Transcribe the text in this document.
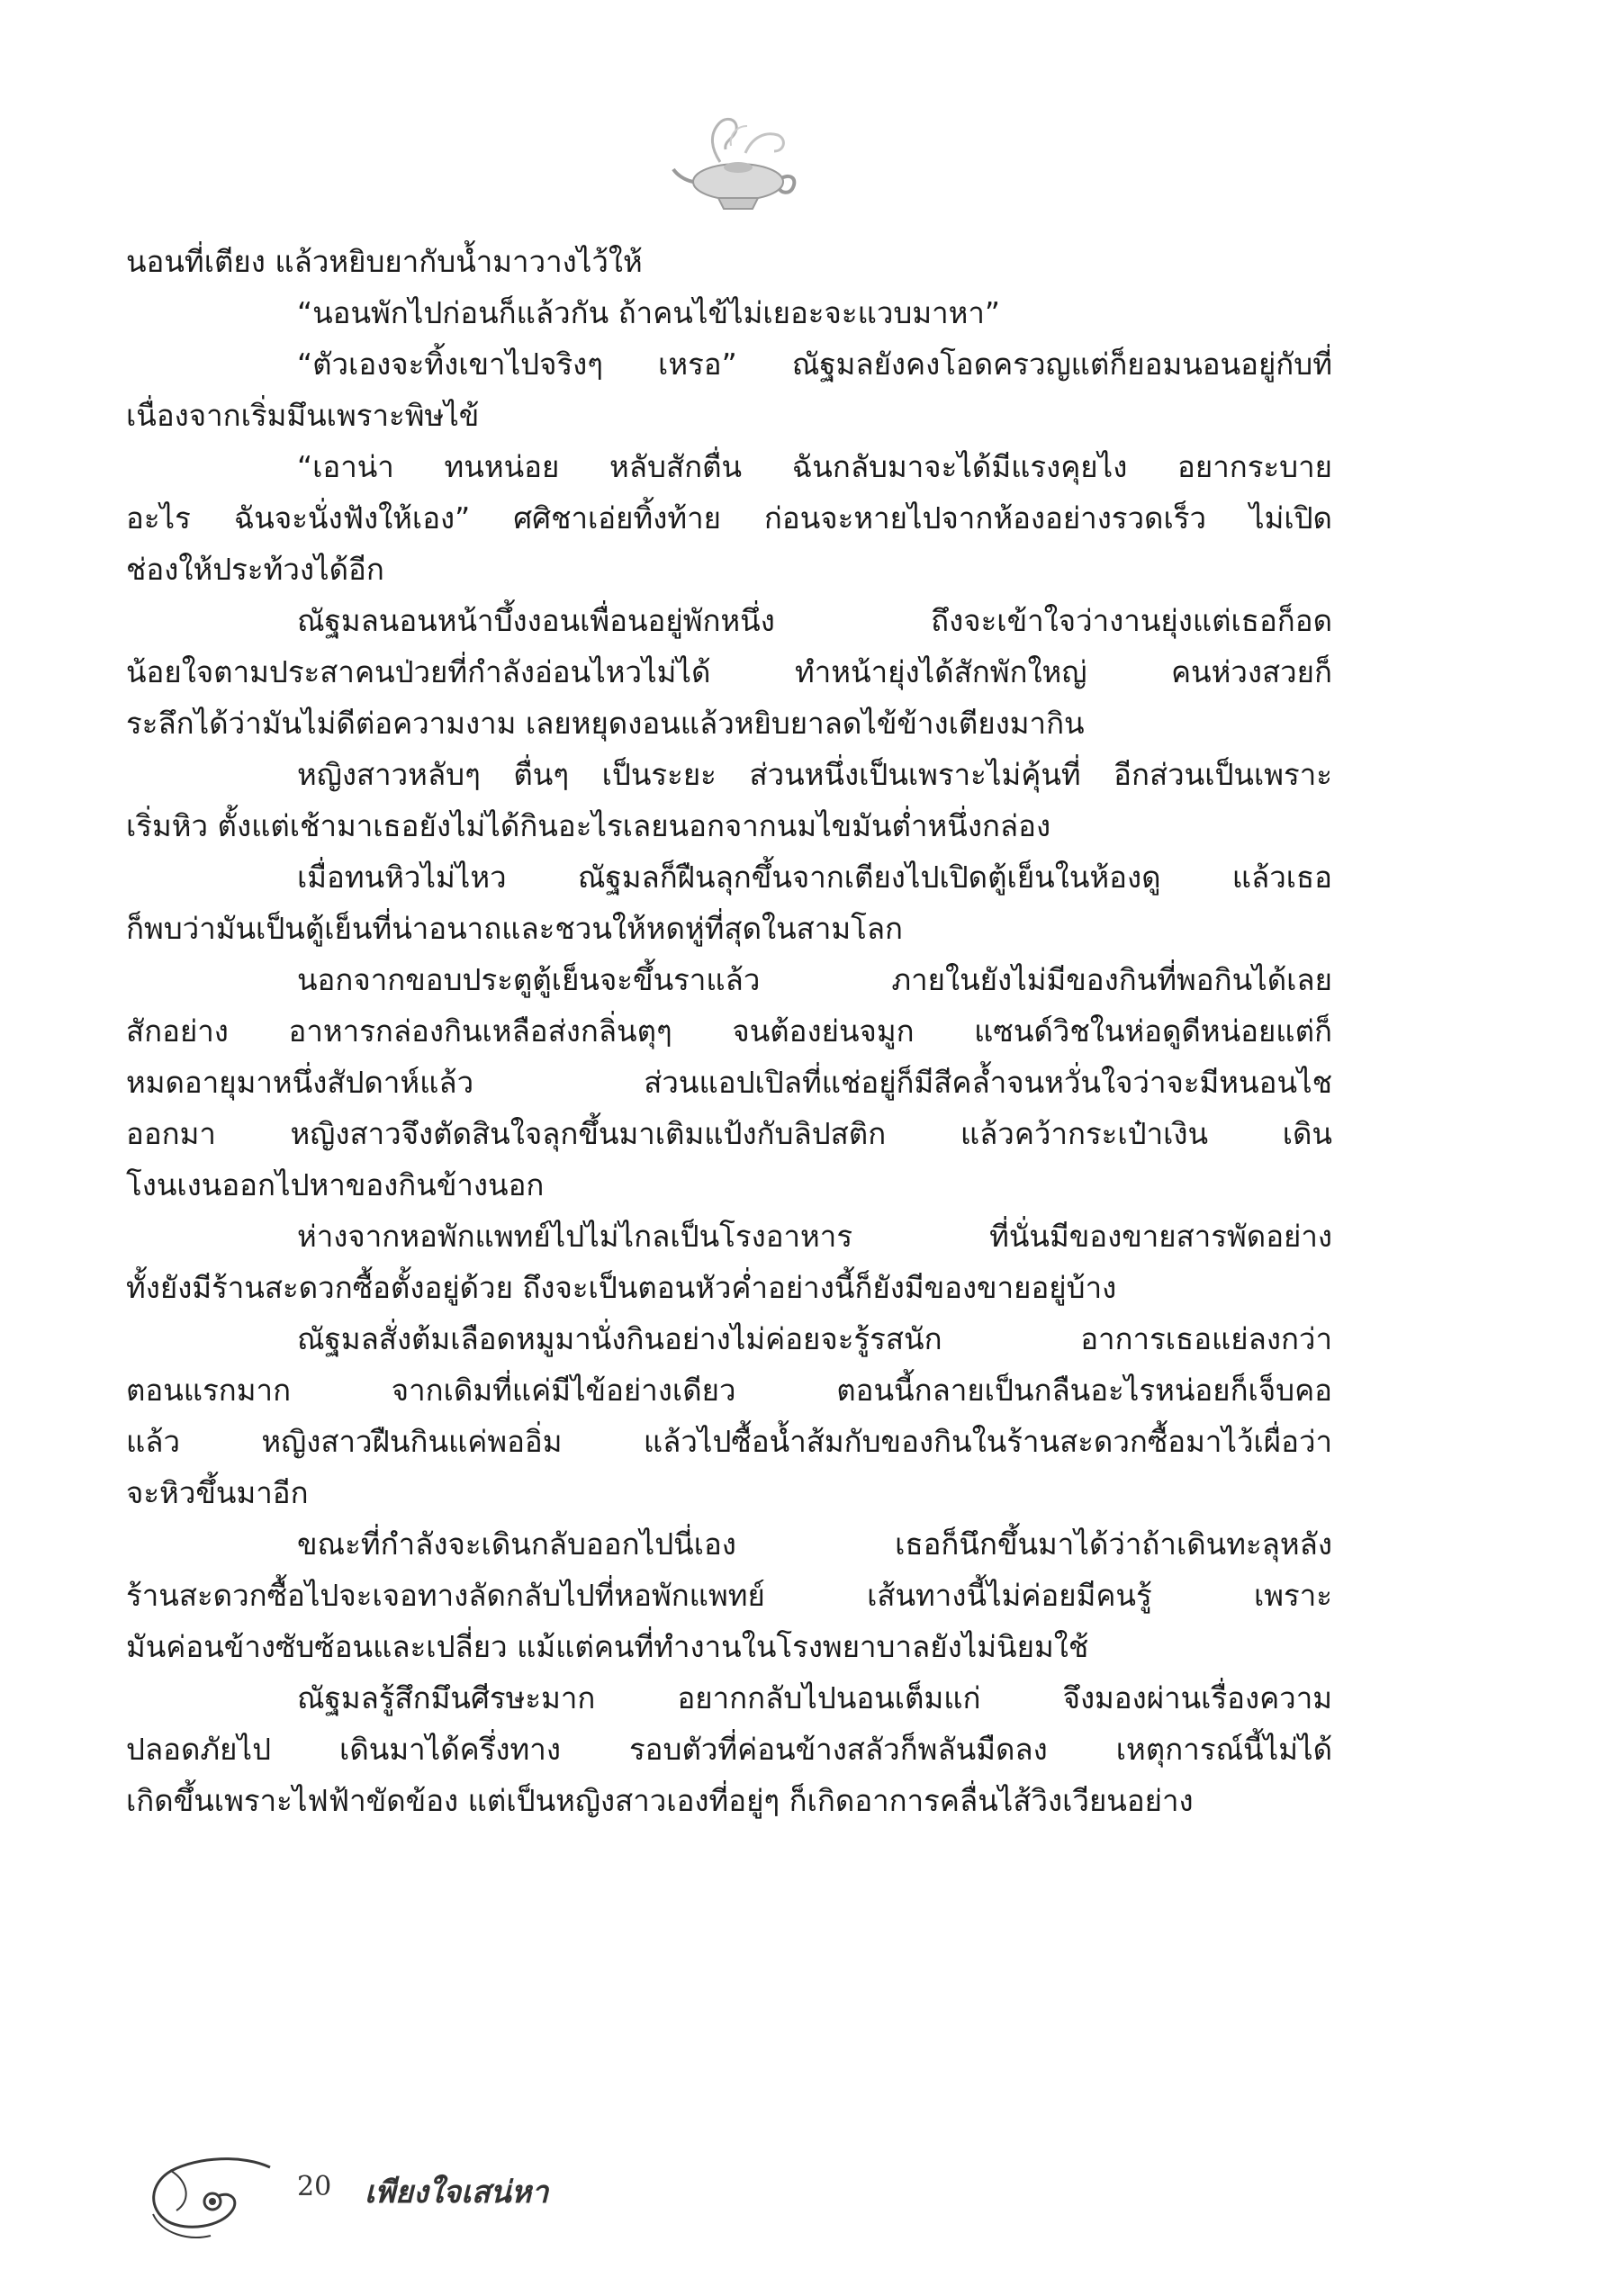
นอนที่เตียง แล้วหยิบยากับน้ำมาวางไว้ให้
“นอนพักไปก่อนก็แล้วกัน ถ้าคนไข้ไม่เยอะจะแวบมาหา”
“ตัวเองจะทิ้งเขาไปจริงๆ เหรอ” ณัฐมลยังคงโอดครวญแต่ก็ยอมนอนอยู่กับที่
เนื่องจากเริ่มมึนเพราะพิษไข้
“เอาน่า ทนหน่อย หลับสักตื่น ฉันกลับมาจะได้มีแรงคุยไง อยากระบาย
อะไร ฉันจะนั่งฟังให้เอง” ศศิชาเอ่ยทิ้งท้าย ก่อนจะหายไปจากห้องอย่างรวดเร็ว ไม่เปิด
ช่องให้ประท้วงได้อีก
ณัฐมลนอนหน้าบึ้งงอนเพื่อนอยู่พักหนึ่ง ถึงจะเข้าใจว่างานยุ่งแต่เธอก็อด
น้อยใจตามประสาคนป่วยที่กำลังอ่อนไหวไม่ได้ ทำหน้ายุ่งได้สักพักใหญ่ คนห่วงสวยก็
ระลึกได้ว่ามันไม่ดีต่อความงาม เลยหยุดงอนแล้วหยิบยาลดไข้ข้างเตียงมากิน
หญิงสาวหลับๆ ตื่นๆ เป็นระยะ ส่วนหนึ่งเป็นเพราะไม่คุ้นที่ อีกส่วนเป็นเพราะ
เริ่มหิว ตั้งแต่เช้ามาเธอยังไม่ได้กินอะไรเลยนอกจากนมไขมันต่ำหนึ่งกล่อง
เมื่อทนหิวไม่ไหว ณัฐมลก็ฝืนลุกขึ้นจากเตียงไปเปิดตู้เย็นในห้องดู แล้วเธอ
ก็พบว่ามันเป็นตู้เย็นที่น่าอนาถและชวนให้หดหู่ที่สุดในสามโลก
นอกจากขอบประตูตู้เย็นจะขึ้นราแล้ว ภายในยังไม่มีของกินที่พอกินได้เลย
สักอย่าง อาหารกล่องกินเหลือส่งกลิ่นตุๆ จนต้องย่นจมูก แซนด์วิชในห่อดูดีหน่อยแต่ก็
หมดอายุมาหนึ่งสัปดาห์แล้ว ส่วนแอปเปิลที่แช่อยู่ก็มีสีคล้ำจนหวั่นใจว่าจะมีหนอนไช
ออกมา หญิงสาวจึงตัดสินใจลุกขึ้นมาเติมแป้งกับลิปสติก แล้วคว้ากระเป๋าเงิน เดิน
โงนเงนออกไปหาของกินข้างนอก
ห่างจากหอพักแพทย์ไปไม่ไกลเป็นโรงอาหาร ที่นั่นมีของขายสารพัดอย่าง
ทั้งยังมีร้านสะดวกซื้อตั้งอยู่ด้วย ถึงจะเป็นตอนหัวค่ำอย่างนี้ก็ยังมีของขายอยู่บ้าง
ณัฐมลสั่งต้มเลือดหมูมานั่งกินอย่างไม่ค่อยจะรู้รสนัก อาการเธอแย่ลงกว่า
ตอนแรกมาก จากเดิมที่แค่มีไข้อย่างเดียว ตอนนี้กลายเป็นกลืนอะไรหน่อยก็เจ็บคอ
แล้ว หญิงสาวฝืนกินแค่พออิ่ม แล้วไปซื้อน้ำส้มกับของกินในร้านสะดวกซื้อมาไว้เผื่อว่า
จะหิวขึ้นมาอีก
ขณะที่กำลังจะเดินกลับออกไปนี่เอง เธอก็นึกขึ้นมาได้ว่าถ้าเดินทะลุหลัง
ร้านสะดวกซื้อไปจะเจอทางลัดกลับไปที่หอพักแพทย์ เส้นทางนี้ไม่ค่อยมีคนรู้ เพราะ
มันค่อนข้างซับซ้อนและเปลี่ยว แม้แต่คนที่ทำงานในโรงพยาบาลยังไม่นิยมใช้
ณัฐมลรู้สึกมึนศีรษะมาก อยากกลับไปนอนเต็มแก่ จึงมองผ่านเรื่องความ
ปลอดภัยไป เดินมาได้ครึ่งทาง รอบตัวที่ค่อนข้างสลัวก็พลันมืดลง เหตุการณ์นี้ไม่ได้
เกิดขึ้นเพราะไฟฟ้าขัดข้อง แต่เป็นหญิงสาวเองที่อยู่ๆ ก็เกิดอาการคลื่นไส้วิงเวียนอย่าง
20 เพียงใจเสน่หา
